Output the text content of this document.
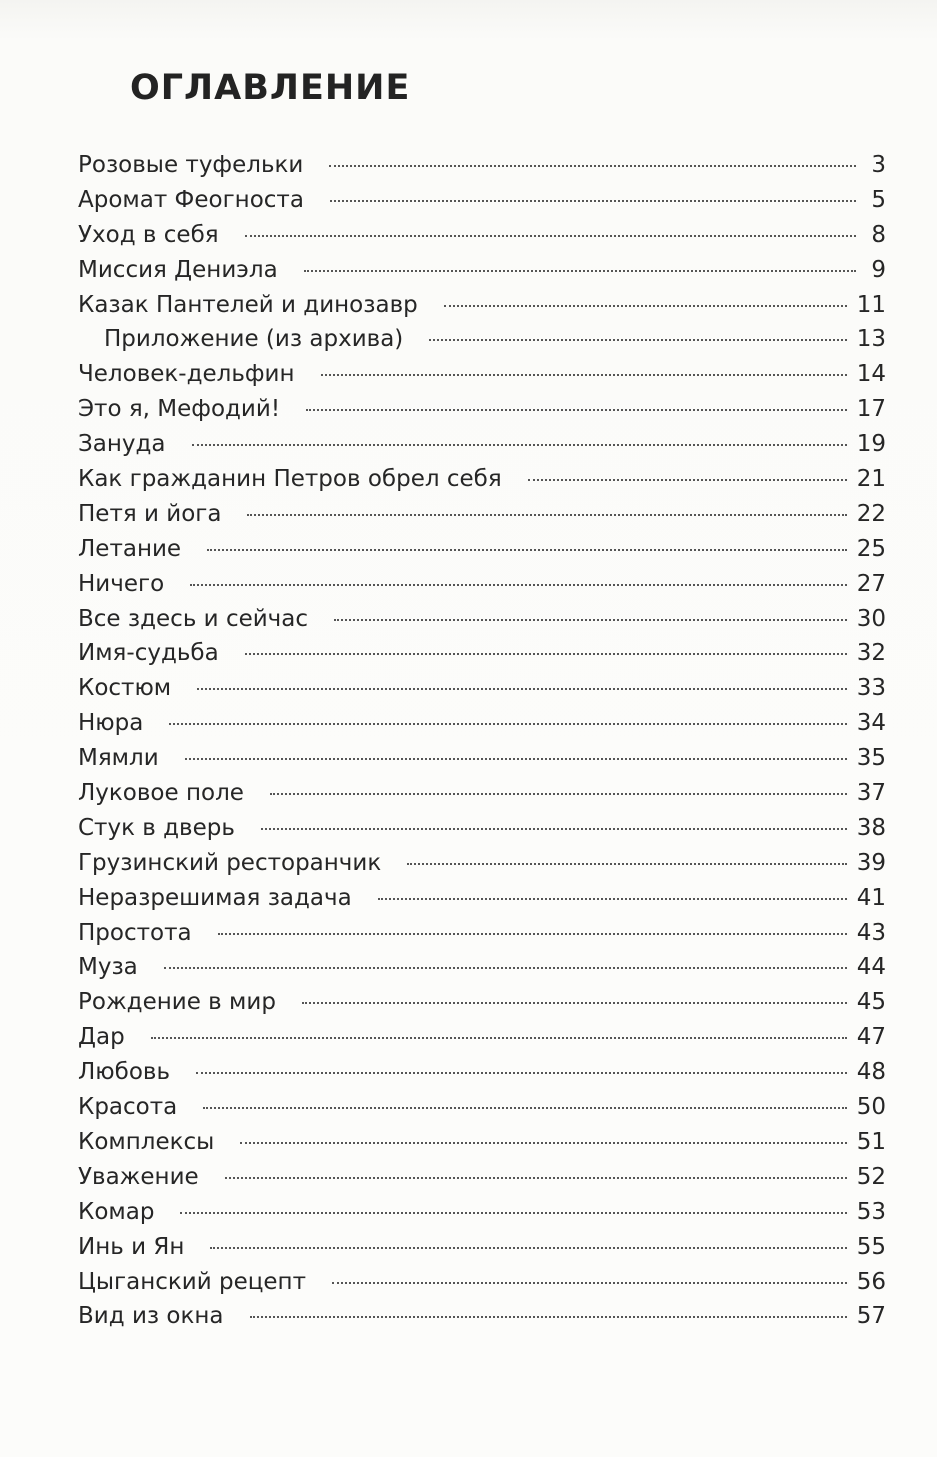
ОГЛАВЛЕНИЕ
Розовые туфельки	3
Аромат Феогноста	5
Уход в себя	8
Миссия Дениэла	9
Казак Пантелей и динозавр	11
Приложение (из архива)	13
Человек-дельфин	14
Это я, Мефодий!	17
Зануда	19
Как гражданин Петров обрел себя	21
Петя и йога	22
Летание	25
Ничего	27
Все здесь и сейчас	30
Имя-судьба	32
Костюм	33
Нюра	34
Мямли	35
Луковое поле	37
Стук в дверь	38
Грузинский ресторанчик	39
Неразрешимая задача	41
Простота	43
Муза	44
Рождение в мир	45
Дар	47
Любовь	48
Красота	50
Комплексы	51
Уважение	52
Комар	53
Инь и Ян	55
Цыганский рецепт	56
Вид из окна	57
